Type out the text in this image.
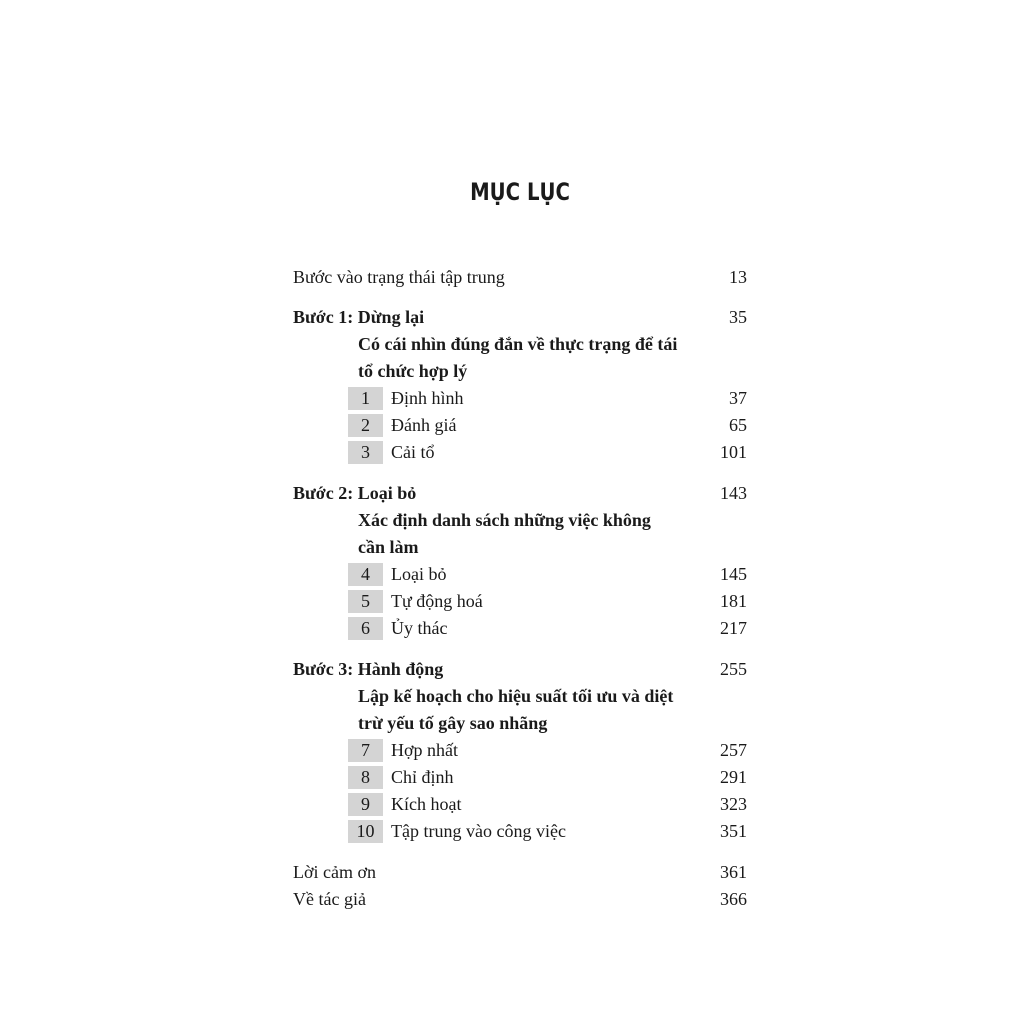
MỤC LỤC
Bước vào trạng thái tập trung	13
Bước 1: Dừng lại	35
Có cái nhìn đúng đắn về thực trạng để tái
tổ chức hợp lý
1	Định hình	37
2	Đánh giá	65
3	Cải tổ	101
Bước 2: Loại bỏ	143
Xác định danh sách những việc không
cần làm
4	Loại bỏ	145
5	Tự động hoá	181
6	Ủy thác	217
Bước 3: Hành động	255
Lập kế hoạch cho hiệu suất tối ưu và diệt
trừ yếu tố gây sao nhãng
7	Hợp nhất	257
8	Chỉ định	291
9	Kích hoạt	323
10 Tập trung vào công việc	351
Lời cảm ơn	361
Về tác giả	366
